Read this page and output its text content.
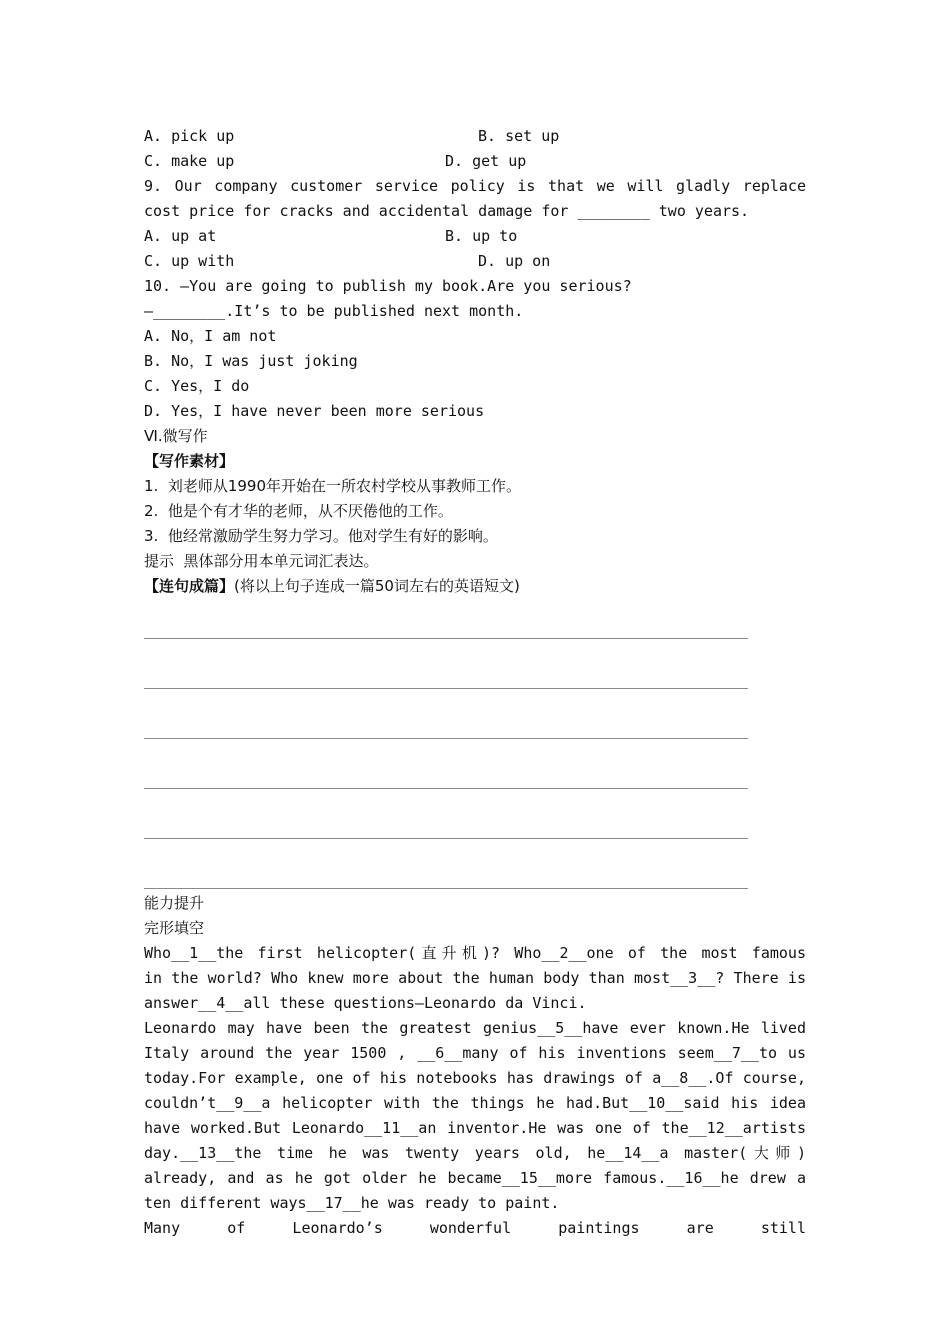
A. pick up

	B. set up

C. make up

	D. get up

9. Our company customer service policy is that we will gladly replace
cost price for cracks and accidental damage for ________ two years.

A. up at

	B. up to

C. up with

	D. up on

10. —You are going to publish my book.Are you serious?
—________.It’s to be published next month.
A. No，I am not
B. No，I was just joking
C. Yes，I do
D. Yes，I have never been more serious
Ⅵ.微写作
【写作素材】
1.  刘老师从1990年开始在一所农村学校从事教师工作。
2.  他是个有才华的老师，从不厌倦他的工作。
3.  他经常激励学生努力学习。他对学生有好的影响。
提示  黑体部分用本单元词汇表达。
【连句成篇】(将以上句子连成一篇50词左右的英语短文)
能力提升
完形填空
Who__1__the first helicopter(直升机)? Who__2__one of the most famous
in the world? Who knew more about the human body than most__3__? There is
answer__4__all these questions—Leonardo da Vinci.
Leonardo may have been the greatest genius__5__have ever known.He lived
Italy around the year 1500 , __6__many of his inventions seem__7__to us
today.For example, one of his notebooks has drawings of a__8__.Of course,
couldn’t__9__a helicopter with the things he had.But__10__said his idea
have worked.But Leonardo__11__an inventor.He was one of the__12__artists
day.__13__the time he was twenty years old, he__14__a master(大师)
already, and as he got older he became__15__more famous.__16__he drew a
ten different ways__17__he was ready to paint.
Many of Leonardo’s wonderful paintings are still
